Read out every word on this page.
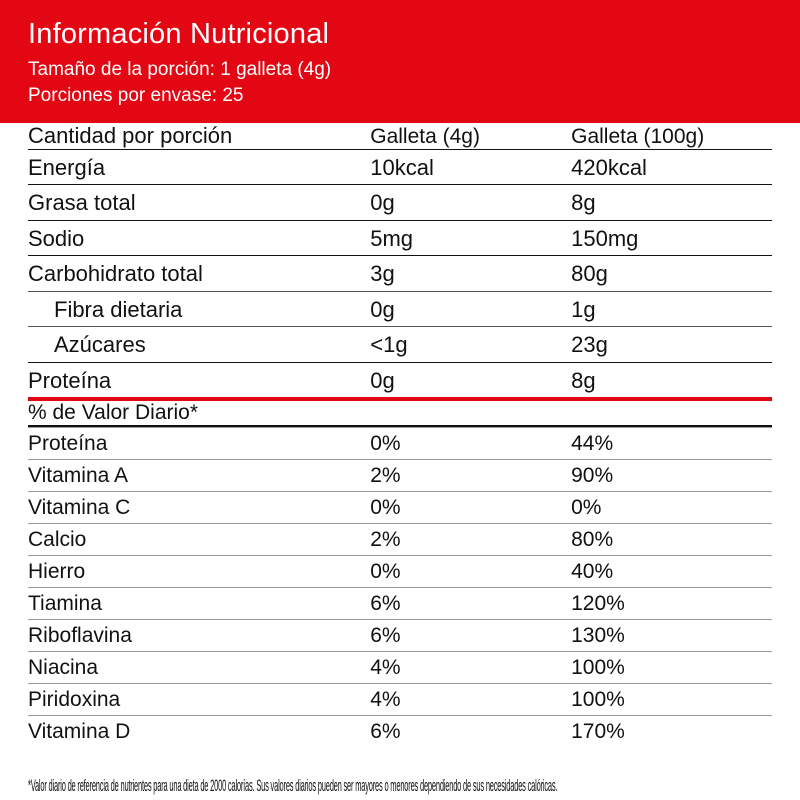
Información Nutricional
Tamaño de la porción: 1 galleta (4g)
Porciones por envase: 25
Cantidad por porción	Galleta (4g)	Galleta (100g)
Energía	10kcal	420kcal
Grasa total	0g	8g
Sodio	5mg	150mg
Carbohidrato total	3g	80g
Fibra dietaria	0g	1g
Azúcares	<1g	23g
Proteína	0g	8g

% de Valor Diario*		

Proteína	0%	44%
Vitamina A	2%	90%
Vitamina C	0%	0%
Calcio	2%	80%
Hierro	0%	40%
Tiamina	6%	120%
Riboflavina	6%	130%
Niacina	4%	100%
Piridoxina	4%	100%
Vitamina D	6%	170%
*Valor diario de referencia de nutrientes para una dieta de 2000 calorías. Sus valores diarios pueden ser mayores o menores dependiendo de sus necesidades calóricas.
